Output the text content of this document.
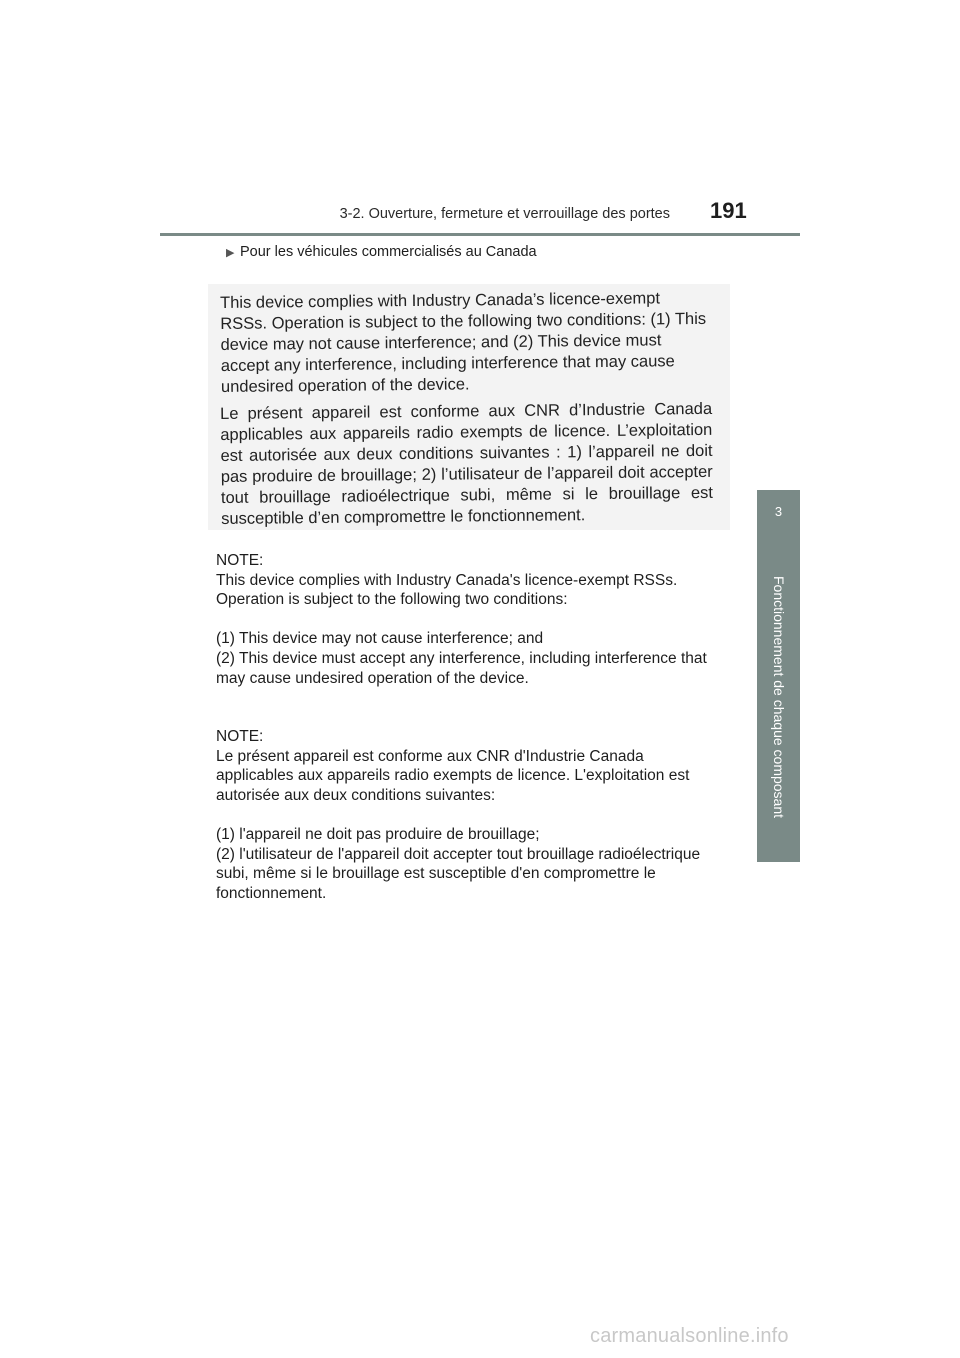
3-2. Ouverture, fermeture et verrouillage des portes 191
3
Fonctionnement de chaque composant
▶ Pour les véhicules commercialisés au Canada

This device complies with Industry Canada’s licence-exempt RSSs. Operation is subject to the following two conditions: (1) This device may not cause interference; and (2) This device must accept any interference, including interference that may cause undesired operation of the device.

Le présent appareil est conforme aux CNR d’Industrie Canada applicables aux appareils radio exempts de licence. L’exploitation est autorisée aux deux conditions suivantes : 1) l’appareil ne doit pas produire de brouillage; 2) l’utilisateur de l’appareil doit accepter tout brouillage radioélectrique subi, même si le brouillage est susceptible d’en compromettre le fonctionnement.

NOTE:

This device complies with Industry Canada's licence-exempt RSSs.

Operation is subject to the following two conditions:

(1) This device may not cause interference; and

(2) This device must accept any interference, including interference that may cause undesired operation of the device.

NOTE:

Le présent appareil est conforme aux CNR d'Industrie Canada applicables aux appareils radio exempts de licence. L'exploitation est autorisée aux deux conditions suivantes:

(1) l'appareil ne doit pas produire de brouillage;

(2) l'utilisateur de l'appareil doit accepter tout brouillage radioélectrique subi, même si le brouillage est susceptible d'en compromettre le fonctionnement.

carmanualsonline.info
